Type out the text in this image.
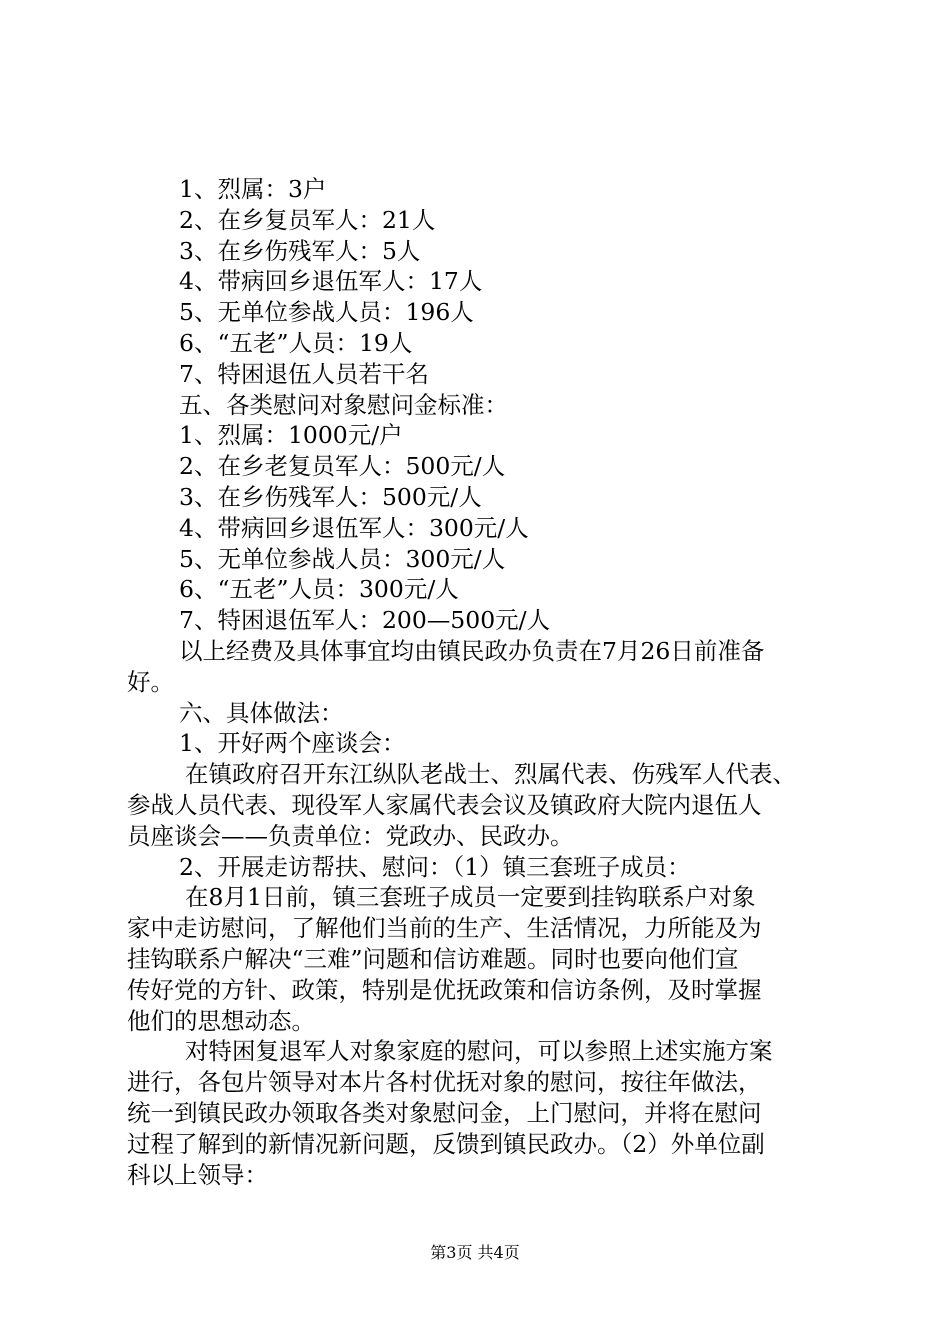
1、烈属：3户
2、在乡复员军人：21人
3、在乡伤残军人：5人
4、带病回乡退伍军人：17人
5、无单位参战人员：196人
6、“五老”人员：19人
7、特困退伍人员若干名
五、各类慰问对象慰问金标准：
1、烈属：1000元/户
2、在乡老复员军人：500元/人
3、在乡伤残军人：500元/人
4、带病回乡退伍军人：300元/人
5、无单位参战人员：300元/人
6、“五老”人员：300元/人
7、特困退伍军人：200—500元/人
以上经费及具体事宜均由镇民政办负责在7月26日前准备
好。
六、具体做法：
1、开好两个座谈会：
在镇政府召开东江纵队老战士、烈属代表、伤残军人代表、
参战人员代表、现役军人家属代表会议及镇政府大院内退伍人
员座谈会——负责单位：党政办、民政办。
2、开展走访帮扶、慰问：（1）镇三套班子成员：
在8月1日前，镇三套班子成员一定要到挂钩联系户对象
家中走访慰问，了解他们当前的生产、生活情况，力所能及为
挂钩联系户解决“三难”问题和信访难题。同时也要向他们宣
传好党的方针、政策，特别是优抚政策和信访条例，及时掌握
他们的思想动态。
对特困复退军人对象家庭的慰问，可以参照上述实施方案
进行，各包片领导对本片各村优抚对象的慰问，按往年做法，
统一到镇民政办领取各类对象慰问金，上门慰问，并将在慰问
过程了解到的新情况新问题，反馈到镇民政办。（2）外单位副
科以上领导：
第3页 共4页
